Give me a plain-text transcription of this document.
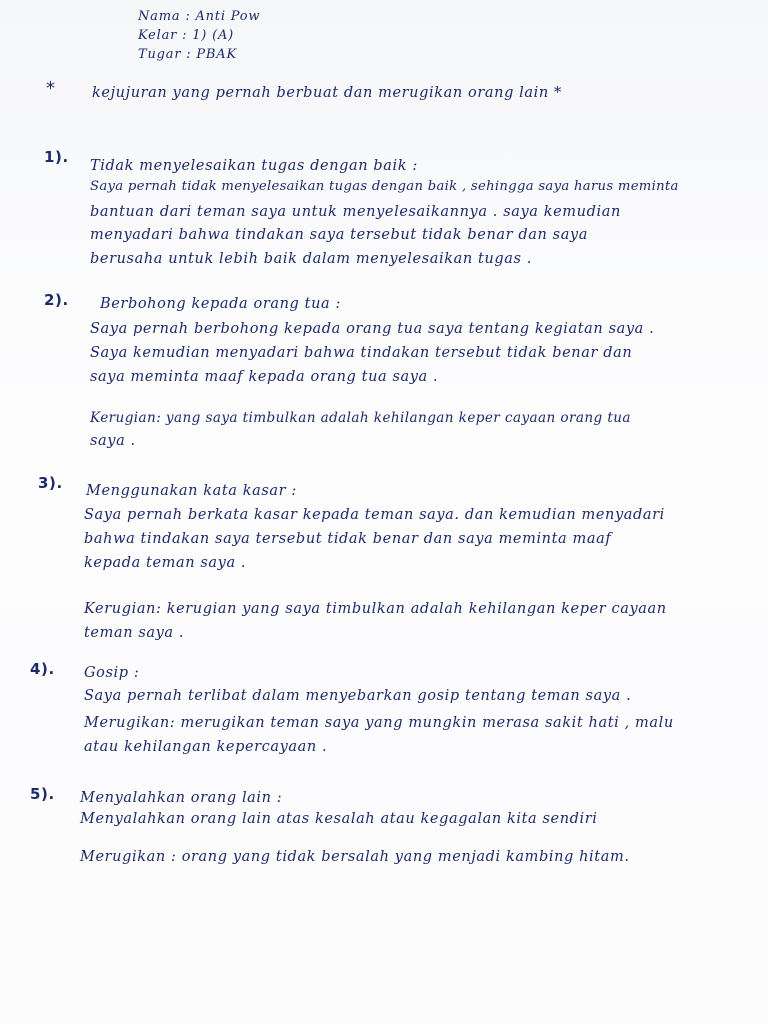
Nama : Anti Pow
Kelar : 1) (A)
Tugar : PBAK
*	kejujuran yang pernah berbuat dan merugikan orang lain *
1). Tidak menyelesaikan tugas dengan baik :
Saya pernah tidak menyelesaikan tugas dengan baik , sehingga saya harus meminta
bantuan dari teman saya untuk menyelesaikannya . saya kemudian
menyadari bahwa tindakan saya tersebut tidak benar dan saya
berusaha untuk lebih baik dalam menyelesaikan tugas .
2). Berbohong kepada orang tua :
Saya pernah berbohong kepada orang tua saya tentang kegiatan saya .
Saya kemudian menyadari bahwa tindakan tersebut tidak benar dan
saya meminta maaf kepada orang tua saya .
Kerugian: yang saya timbulkan adalah kehilangan keper cayaan orang tua
saya .
3). Menggunakan kata kasar :
Saya pernah berkata kasar kepada teman saya. dan kemudian menyadari
bahwa tindakan saya tersebut tidak benar dan saya meminta maaf
kepada teman saya .
Kerugian: kerugian yang saya timbulkan adalah kehilangan keper cayaan
teman saya .
4). Gosip :
Saya pernah terlibat dalam menyebarkan gosip tentang teman saya .
Merugikan: merugikan teman saya yang mungkin merasa sakit hati , malu
atau kehilangan kepercayaan .
5). Menyalahkan orang lain :
Menyalahkan orang lain atas kesalah atau kegagalan kita sendiri
Merugikan : orang yang tidak bersalah yang menjadi kambing hitam.
